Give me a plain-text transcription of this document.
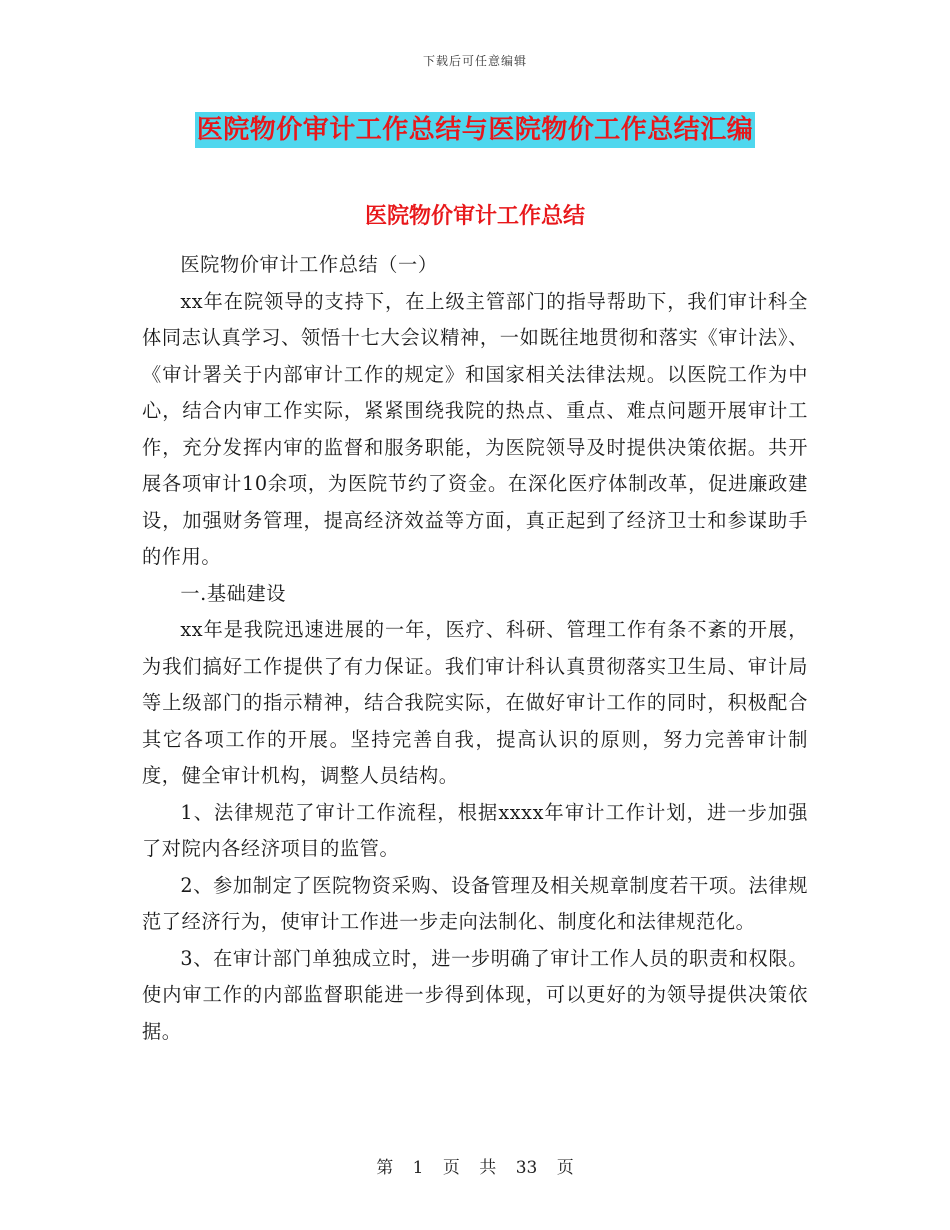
下载后可任意编辑
医院物价审计工作总结与医院物价工作总结汇编
医院物价审计工作总结

医院物价审计工作总结（一）

xx年在院领导的支持下，在上级主管部门的指导帮助下，我们审计科全体同志认真学习、领悟十七大会议精神，一如既往地贯彻和落实《审计法》、《审计署关于内部审计工作的规定》和国家相关法律法规。以医院工作为中心，结合内审工作实际，紧紧围绕我院的热点、重点、难点问题开展审计工作，充分发挥内审的监督和服务职能，为医院领导及时提供决策依据。共开展各项审计10余项，为医院节约了资金。在深化医疗体制改革，促进廉政建设，加强财务管理，提高经济效益等方面，真正起到了经济卫士和参谋助手的作用。

一.基础建设

xx年是我院迅速进展的一年，医疗、科研、管理工作有条不紊的开展，为我们搞好工作提供了有力保证。我们审计科认真贯彻落实卫生局、审计局等上级部门的指示精神，结合我院实际，在做好审计工作的同时，积极配合其它各项工作的开展。坚持完善自我，提高认识的原则，努力完善审计制度，健全审计机构，调整人员结构。

1、法律规范了审计工作流程，根据xxxx年审计工作计划，进一步加强了对院内各经济项目的监管。

2、参加制定了医院物资采购、设备管理及相关规章制度若干项。法律规范了经济行为，使审计工作进一步走向法制化、制度化和法律规范化。

3、在审计部门单独成立时，进一步明确了审计工作人员的职责和权限。使内审工作的内部监督职能进一步得到体现，可以更好的为领导提供决策依据。

第 1 页 共 33 页
